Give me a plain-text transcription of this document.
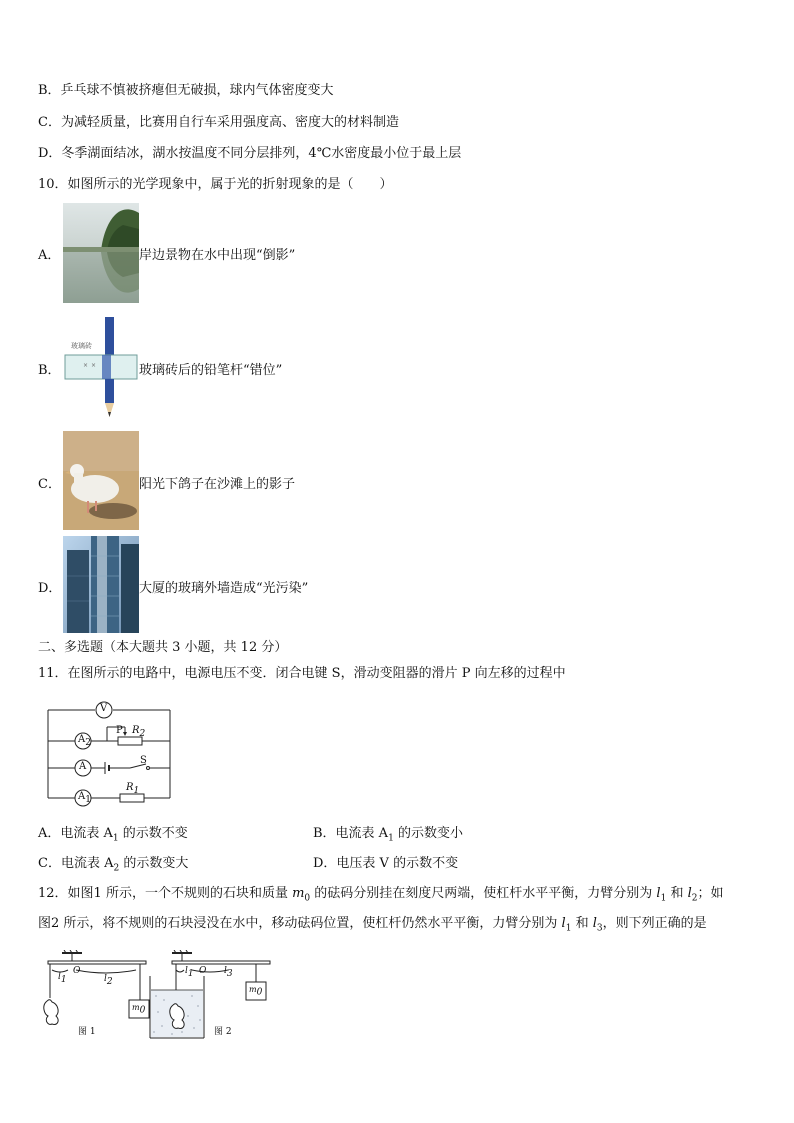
B．乒乓球不慎被挤瘪但无破损，球内气体密度变大
C．为减轻质量，比赛用自行车采用强度高、密度大的材料制造
D．冬季湖面结冰，湖水按温度不同分层排列，4℃水密度最小位于最上层
10．如图所示的光学现象中，属于光的折射现象的是（　　）
A．	岸边景物在水中出现“倒影”
B．	× ×
玻璃砖
玻璃砖后的铅笔杆“错位”
C．	阳光下鸽子在沙滩上的影子
D．	大厦的玻璃外墙造成“光污染”
二、多选题（本大题共 3 小题，共 12 分）
11．在图所示的电路中，电源电压不变．闭合电键 S，滑动变阻器的滑片 P 向左移的过程中
V
$A_2$
A
$A_1$
P $R_2$
S
$R_1$
A．电流表 $A_1$ 的示数不变	B．电流表 $A_1$ 的示数变小
C．电流表 $A_2$ 的示数变大	D．电压表 V 的示数不变
12．如图1 所示，一个不规则的石块和质量 $m_0$ 的砝码分别挂在刻度尺两端，使杠杆水平平衡，力臂分别为 $l_1$ 和 $l_2$；如
图2 所示，将不规则的石块浸没在水中，移动砝码位置，使杠杆仍然水平平衡，力臂分别为 $l_1$ 和 $l_3$，则下列正确的是
O
$l_1$	$l_2$
$m_0$
图 1
O
$l_1$	$l_3$
$m_0$
图 2
